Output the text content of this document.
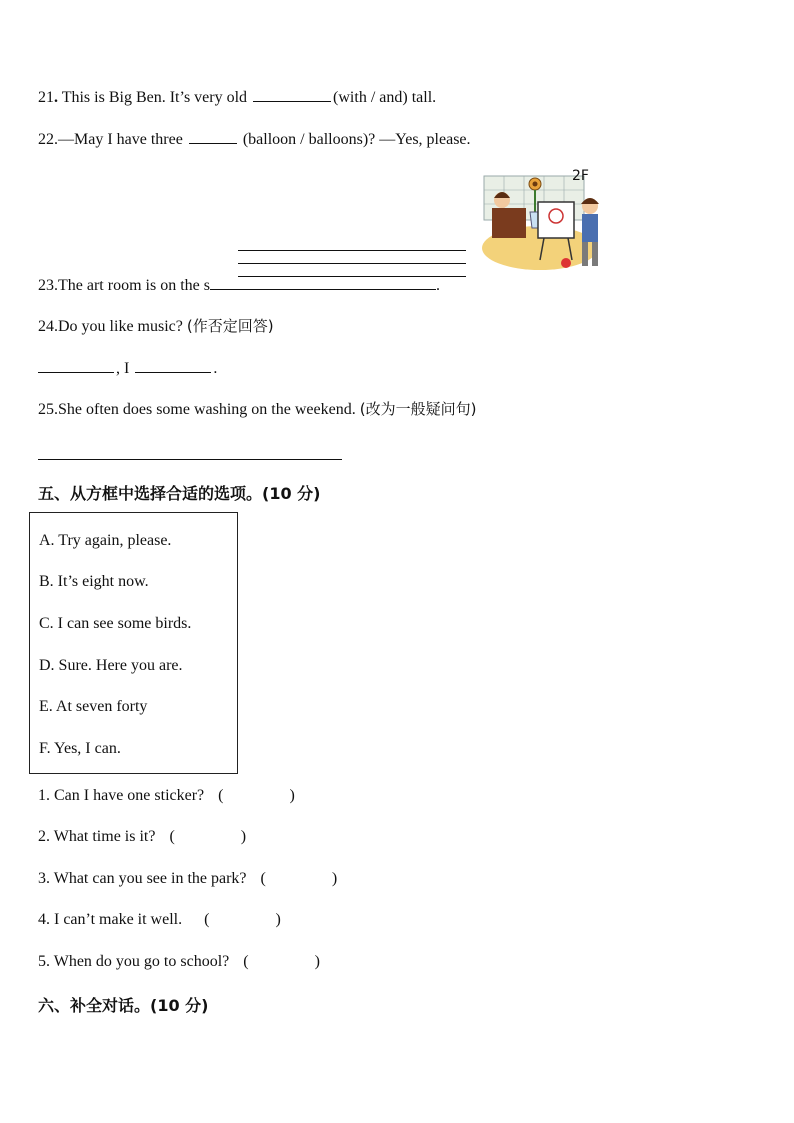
21. This is Big Ben. It’s very old	(with / and) tall.
22.—May I have three	(balloon / balloons)? —Yes, please.
2F
23.The art room is on the s	.
24.Do you like music? (作否定回答)
, I	.
25.She often does some washing on the weekend. (改为一般疑问句)
五、从方框中选择合适的选项。(10 分)
A. Try again, please.
B. It’s eight now.
C. I can see some birds.
D. Sure. Here you are.
E. At seven forty
F. Yes, I can.
1. Can I have one sticker? (	)
2. What time is it? (	)
3. What can you see in the park? (	)
4. I can’t make it well. (	)
5. When do you go to school? (	)
六、补全对话。(10 分)
